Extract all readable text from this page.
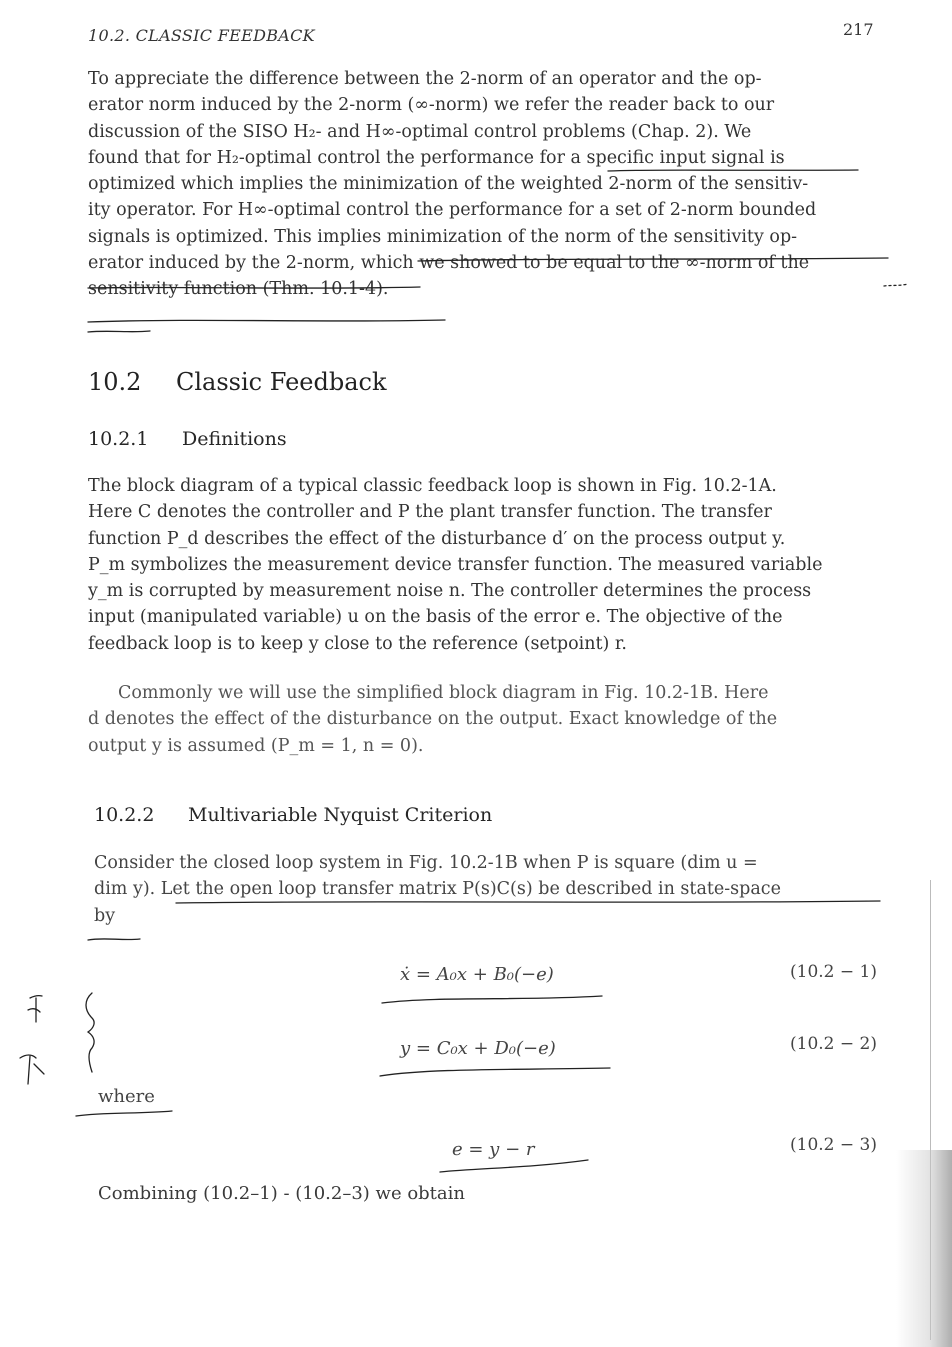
10.2. CLASSIC FEEDBACK	217
To appreciate the difference between the 2-norm of an operator and the op-
erator norm induced by the 2-norm (∞-norm) we refer the reader back to our
discussion of the SISO H₂- and H∞-optimal control problems (Chap. 2). We
found that for H₂-optimal control the performance for a specific input signal is
optimized which implies the minimization of the weighted 2-norm of the sensitiv-
ity operator. For H∞-optimal control the performance for a set of 2-norm bounded
signals is optimized. This implies minimization of the norm of the sensitivity op-
erator induced by the 2-norm, which we showed to be equal to the ∞-norm of the
sensitivity function (Thm. 10.1-4).
10.2 Classic Feedback
10.2.1 Definitions
The block diagram of a typical classic feedback loop is shown in Fig. 10.2-1A.
Here C denotes the controller and P the plant transfer function. The transfer
function P_d describes the effect of the disturbance d′ on the process output y.
P_m symbolizes the measurement device transfer function. The measured variable
y_m is corrupted by measurement noise n. The controller determines the process
input (manipulated variable) u on the basis of the error e. The objective of the
feedback loop is to keep y close to the reference (setpoint) r.
Commonly we will use the simplified block diagram in Fig. 10.2-1B. Here
d denotes the effect of the disturbance on the output. Exact knowledge of the
output y is assumed (P_m = 1, n = 0).
10.2.2 Multivariable Nyquist Criterion
Consider the closed loop system in Fig. 10.2-1B when P is square (dim u =
dim y). Let the open loop transfer matrix P(s)C(s) be described in state-space
by
ẋ = A₀x + B₀(−e)	(10.2 − 1)
y = C₀x + D₀(−e)	(10.2 − 2)
where
e = y − r	(10.2 − 3)
Combining (10.2–1) - (10.2–3) we obtain
